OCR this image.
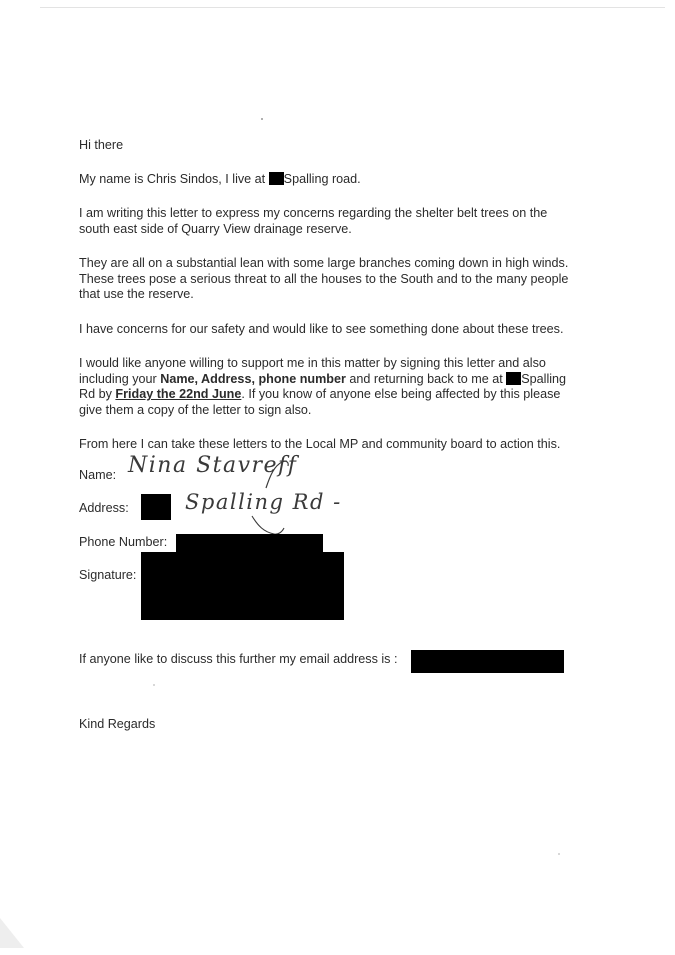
Hi there

My name is Chris Sindos, I live at Spalling road.

I am writing this letter to express my concerns regarding the shelter belt trees on the
south east side of Quarry View drainage reserve.

They are all on a substantial lean with some large branches coming down in high winds.
These trees pose a serious threat to all the houses to the South and to the many people
that use the reserve.

I have concerns for our safety and would like to see something done about these trees.

I would like anyone willing to support me in this matter by signing this letter and also
including your Name, Address, phone number and returning back to me at Spalling
Rd by Friday the 22nd June. If you know of anyone else being affected by this please
give them a copy of the letter to sign also.

From here I can take these letters to the Local MP and community board to action this.

Name: Nina Stavreff

Address:	Spalling Rd -

Phone Number:

Signature:

If anyone like to discuss this further my email address is :

Kind Regards
